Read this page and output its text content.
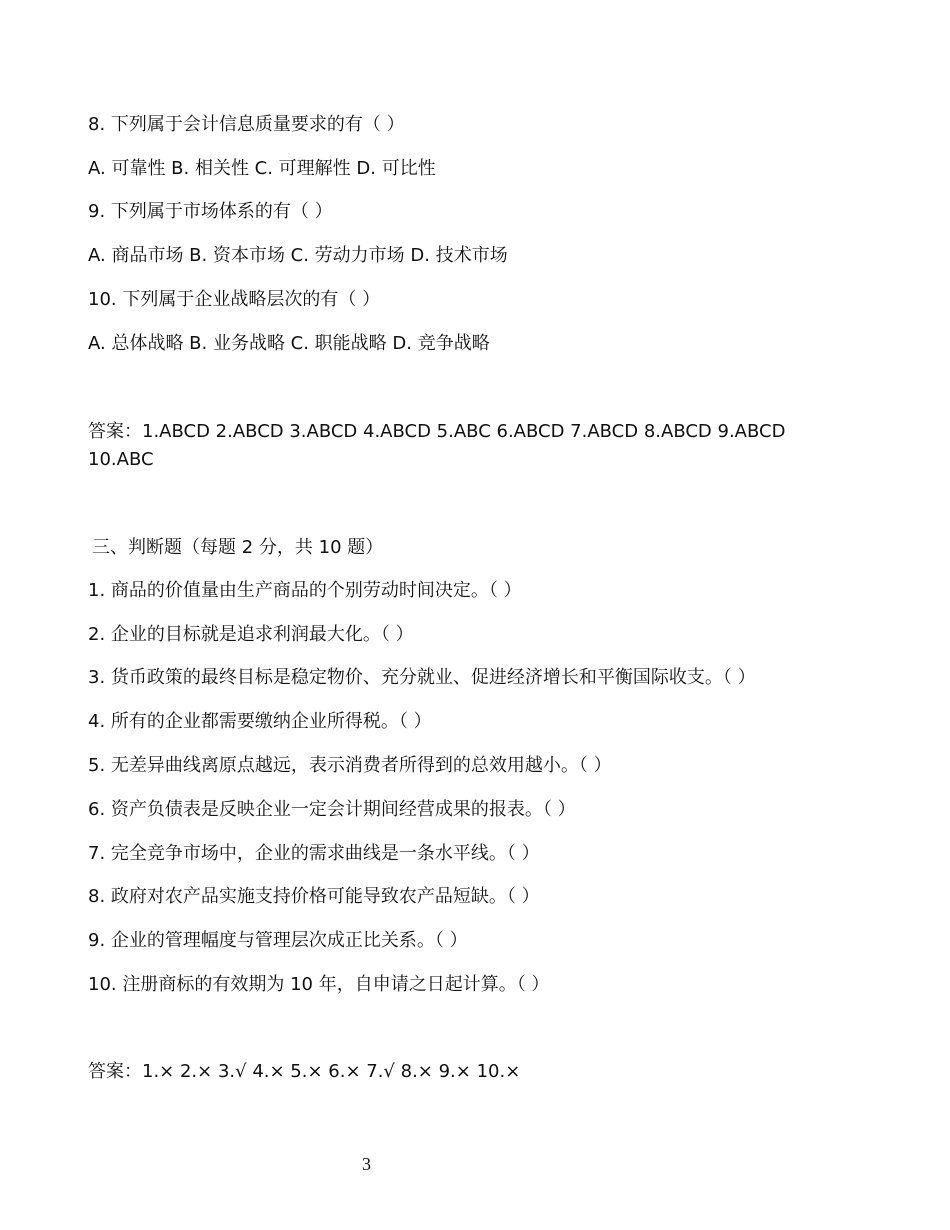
8. 下列属于会计信息质量要求的有（ ）
A. 可靠性 B. 相关性 C. 可理解性 D. 可比性
9. 下列属于市场体系的有（ ）
A. 商品市场 B. 资本市场 C. 劳动力市场 D. 技术市场
10. 下列属于企业战略层次的有（ ）
A. 总体战略 B. 业务战略 C. 职能战略 D. 竞争战略
答案：1.ABCD 2.ABCD 3.ABCD 4.ABCD 5.ABC 6.ABCD 7.ABCD 8.ABCD 9.ABCD 10.ABC
三、判断题（每题 2 分，共 10 题）
1. 商品的价值量由生产商品的个别劳动时间决定。（ ）
2. 企业的目标就是追求利润最大化。（ ）
3. 货币政策的最终目标是稳定物价、充分就业、促进经济增长和平衡国际收支。（ ）
4. 所有的企业都需要缴纳企业所得税。（ ）
5. 无差异曲线离原点越远，表示消费者所得到的总效用越小。（ ）
6. 资产负债表是反映企业一定会计期间经营成果的报表。（ ）
7. 完全竞争市场中，企业的需求曲线是一条水平线。（ ）
8. 政府对农产品实施支持价格可能导致农产品短缺。（ ）
9. 企业的管理幅度与管理层次成正比关系。（ ）
10. 注册商标的有效期为 10 年，自申请之日起计算。（ ）
答案：1.× 2.× 3.√ 4.× 5.× 6.× 7.√ 8.× 9.× 10.×
3
